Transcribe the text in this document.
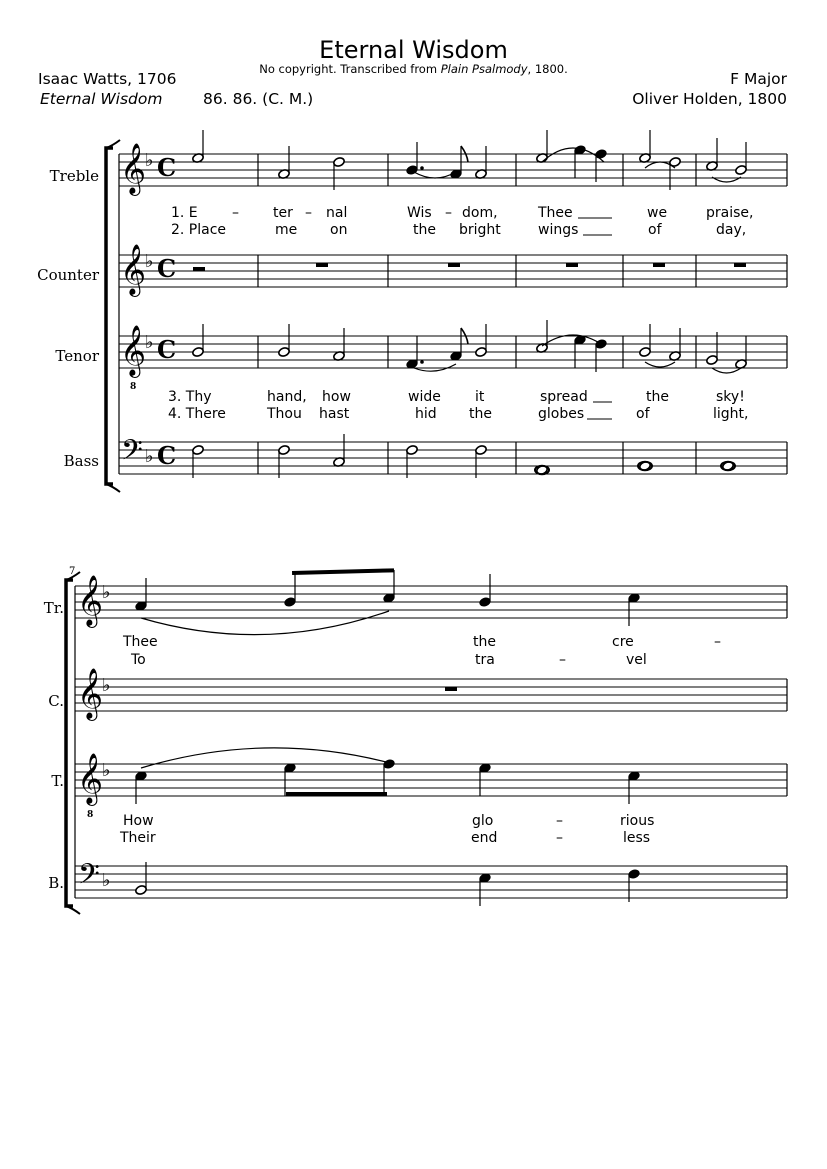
Eternal Wisdom
No copyright. Transcribed from Plain Psalmody, 1800.
Isaac Watts, 1706
Eternal Wisdom	86. 86. (C. M.)
F Major
Oliver Holden, 1800
Treble
Counter
Tenor
Bass
Tr.
C.
T.
B.
7
1. E – ter – nal	Wis – dom,	Thee	we	praise,
2. Place	me on	the bright	wings	of	day,
3. Thy	hand, how	wide it	spread	the	sky!
4. There	Thou hast	hid the	globes	of	light,
Thee	the	cre	–
To	tra	–	vel
How	glo	–	rious
Their	end	–	less
𝄞
♭ C
𝄞
♭ C
𝄞
8
♭ C
𝄢 ♭ C
𝄞
♭
𝄞
♭
𝄞
8
♭
𝄢 ♭
